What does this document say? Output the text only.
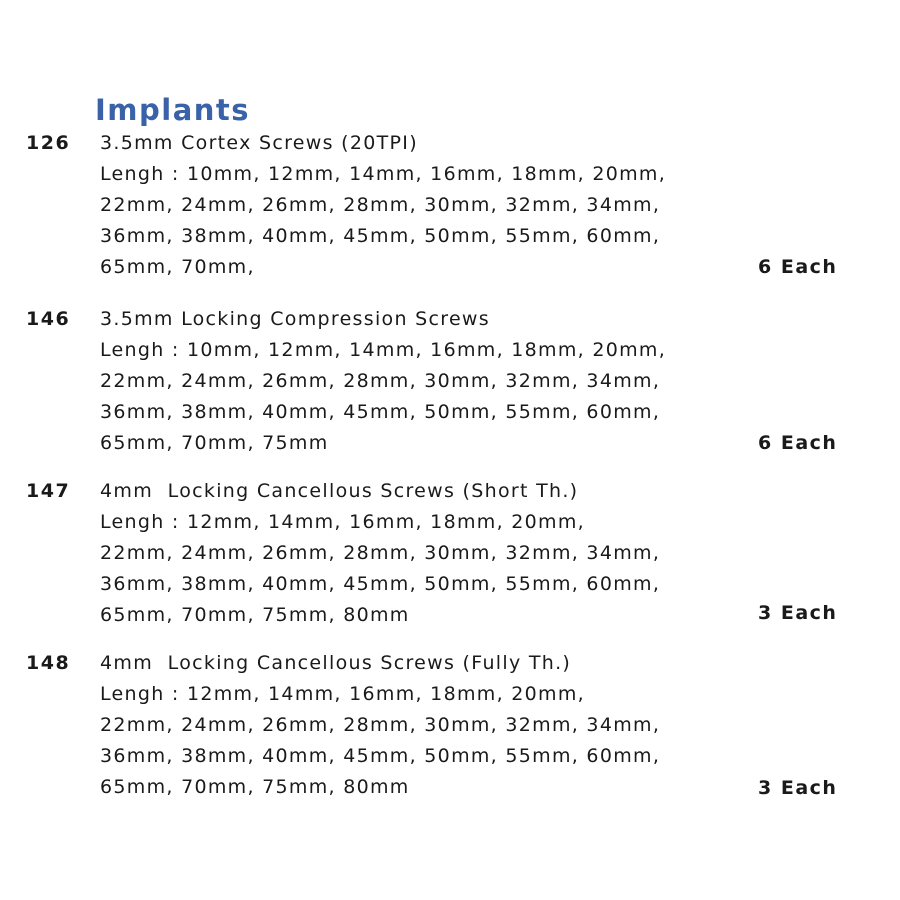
Implants
126 3.5mm Cortex Screws (20TPI)
Lengh : 10mm, 12mm, 14mm, 16mm, 18mm, 20mm,
22mm, 24mm, 26mm, 28mm, 30mm, 32mm, 34mm,
36mm, 38mm, 40mm, 45mm, 50mm, 55mm, 60mm,
65mm, 70mm,	6 Each
146 3.5mm Locking Compression Screws
Lengh : 10mm, 12mm, 14mm, 16mm, 18mm, 20mm,
22mm, 24mm, 26mm, 28mm, 30mm, 32mm, 34mm,
36mm, 38mm, 40mm, 45mm, 50mm, 55mm, 60mm,
65mm, 70mm, 75mm	6 Each
147 4mm  Locking Cancellous Screws (Short Th.)
Lengh : 12mm, 14mm, 16mm, 18mm, 20mm,
22mm, 24mm, 26mm, 28mm, 30mm, 32mm, 34mm,
36mm, 38mm, 40mm, 45mm, 50mm, 55mm, 60mm,
65mm, 70mm, 75mm, 80mm	3 Each
148 4mm  Locking Cancellous Screws (Fully Th.)
Lengh : 12mm, 14mm, 16mm, 18mm, 20mm,
22mm, 24mm, 26mm, 28mm, 30mm, 32mm, 34mm,
36mm, 38mm, 40mm, 45mm, 50mm, 55mm, 60mm,
65mm, 70mm, 75mm, 80mm	3 Each
